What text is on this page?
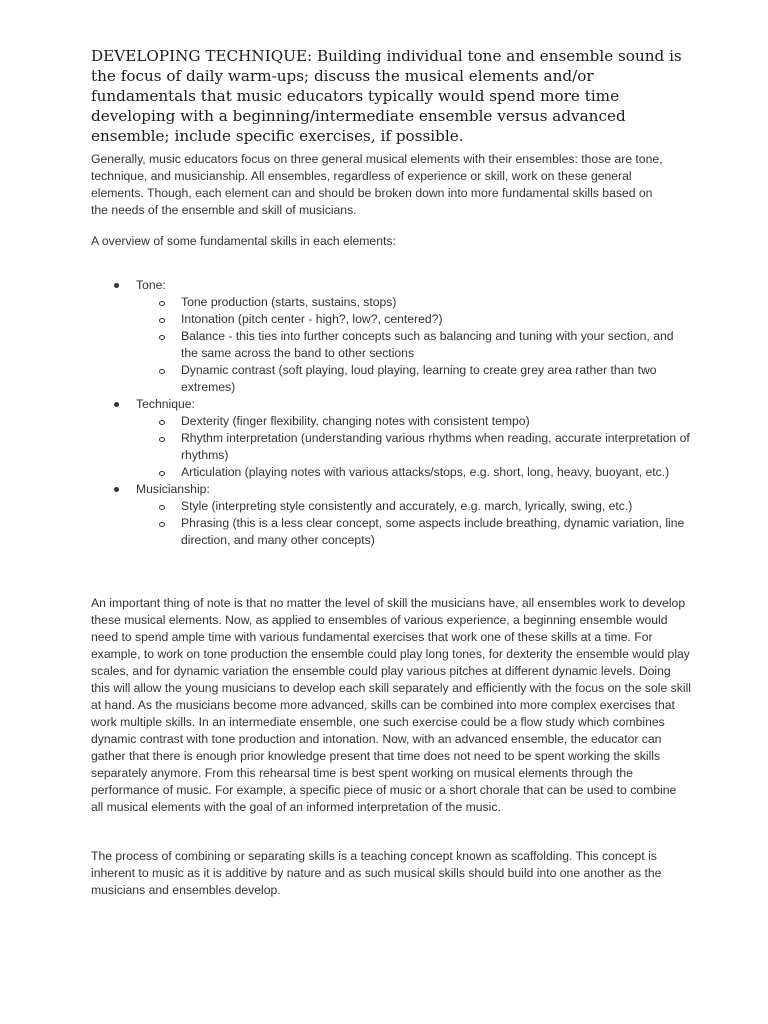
DEVELOPING TECHNIQUE: Building individual tone and ensemble sound is the focus of daily warm-ups; discuss the musical elements and/or fundamentals that music educators typically would spend more time developing with a beginning/intermediate ensemble versus advanced ensemble; include specific exercises, if possible.

Generally, music educators focus on three general musical elements with their ensembles: those are tone, technique, and musicianship. All ensembles, regardless of experience or skill, work on these general elements. Though, each element can and should be broken down into more fundamental skills based on the needs of the ensemble and skill of musicians.

A overview of some fundamental skills in each elements:

Tone:
Tone production (starts, sustains, stops)
Intonation (pitch center - high?, low?, centered?)
Balance - this ties into further concepts such as balancing and tuning with your section, and the same across the band to other sections
Dynamic contrast (soft playing, loud playing, learning to create grey area rather than two extremes)
Technique:
Dexterity (finger flexibility, changing notes with consistent tempo)
Rhythm interpretation (understanding various rhythms when reading, accurate interpretation of rhythms)
Articulation (playing notes with various attacks/stops, e.g. short, long, heavy, buoyant, etc.)
Musicianship:
Style (interpreting style consistently and accurately, e.g. march, lyrically, swing, etc.)
Phrasing (this is a less clear concept, some aspects include breathing, dynamic variation, line direction, and many other concepts)

An important thing of note is that no matter the level of skill the musicians have, all ensembles work to develop these musical elements. Now, as applied to ensembles of various experience, a beginning ensemble would need to spend ample time with various fundamental exercises that work one of these skills at a time. For example, to work on tone production the ensemble could play long tones, for dexterity the ensemble would play scales, and for dynamic variation the ensemble could play various pitches at different dynamic levels. Doing this will allow the young musicians to develop each skill separately and efficiently with the focus on the sole skill at hand. As the musicians become more advanced, skills can be combined into more complex exercises that work multiple skills. In an intermediate ensemble, one such exercise could be a flow study which combines dynamic contrast with tone production and intonation. Now, with an advanced ensemble, the educator can gather that there is enough prior knowledge present that time does not need to be spent working the skills separately anymore. From this rehearsal time is best spent working on musical elements through the performance of music. For example, a specific piece of music or a short chorale that can be used to combine all musical elements with the goal of an informed interpretation of the music.

The process of combining or separating skills is a teaching concept known as scaffolding. This concept is inherent to music as it is additive by nature and as such musical skills should build into one another as the musicians and ensembles develop.
